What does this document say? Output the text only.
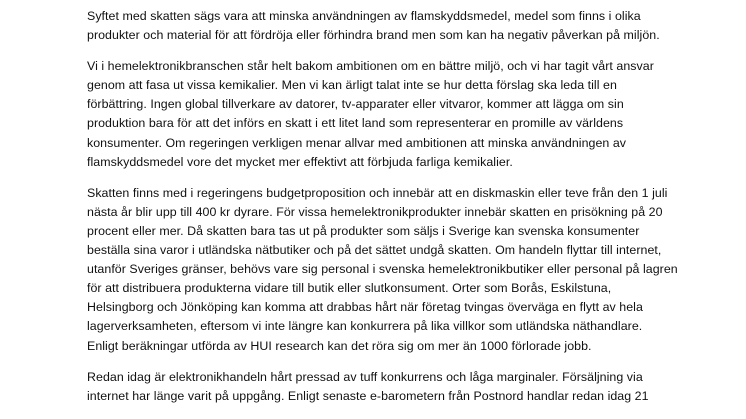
Syftet med skatten sägs vara att minska användningen av flamskyddsmedel, medel som finns i olika
produkter och material för att fördröja eller förhindra brand men som kan ha negativ påverkan på miljön.

Vi i hemelektronikbranschen står helt bakom ambitionen om en bättre miljö, och vi har tagit vårt ansvar
genom att fasa ut vissa kemikalier. Men vi kan ärligt talat inte se hur detta förslag ska leda till en
förbättring. Ingen global tillverkare av datorer, tv-apparater eller vitvaror, kommer att lägga om sin
produktion bara för att det införs en skatt i ett litet land som representerar en promille av världens
konsumenter. Om regeringen verkligen menar allvar med ambitionen att minska användningen av
flamskyddsmedel vore det mycket mer effektivt att förbjuda farliga kemikalier.

Skatten finns med i regeringens budgetproposition och innebär att en diskmaskin eller teve från den 1 juli
nästa år blir upp till 400 kr dyrare. För vissa hemelektronikprodukter innebär skatten en prisökning på 20
procent eller mer. Då skatten bara tas ut på produkter som säljs i Sverige kan svenska konsumenter
beställa sina varor i utländska nätbutiker och på det sättet undgå skatten. Om handeln flyttar till internet,
utanför Sveriges gränser, behövs vare sig personal i svenska hemelektronikbutiker eller personal på lagren
för att distribuera produkterna vidare till butik eller slutkonsument. Orter som Borås, Eskilstuna,
Helsingborg och Jönköping kan komma att drabbas hårt när företag tvingas överväga en flytt av hela
lagerverksamheten, eftersom vi inte längre kan konkurrera på lika villkor som utländska näthandlare.
Enligt beräkningar utförda av HUI research kan det röra sig om mer än 1000 förlorade jobb.

Redan idag är elektronikhandeln hårt pressad av tuff konkurrens och låga marginaler. Försäljning via
internet har länge varit på uppgång. Enligt senaste e-barometern från Postnord handlar redan idag 21
